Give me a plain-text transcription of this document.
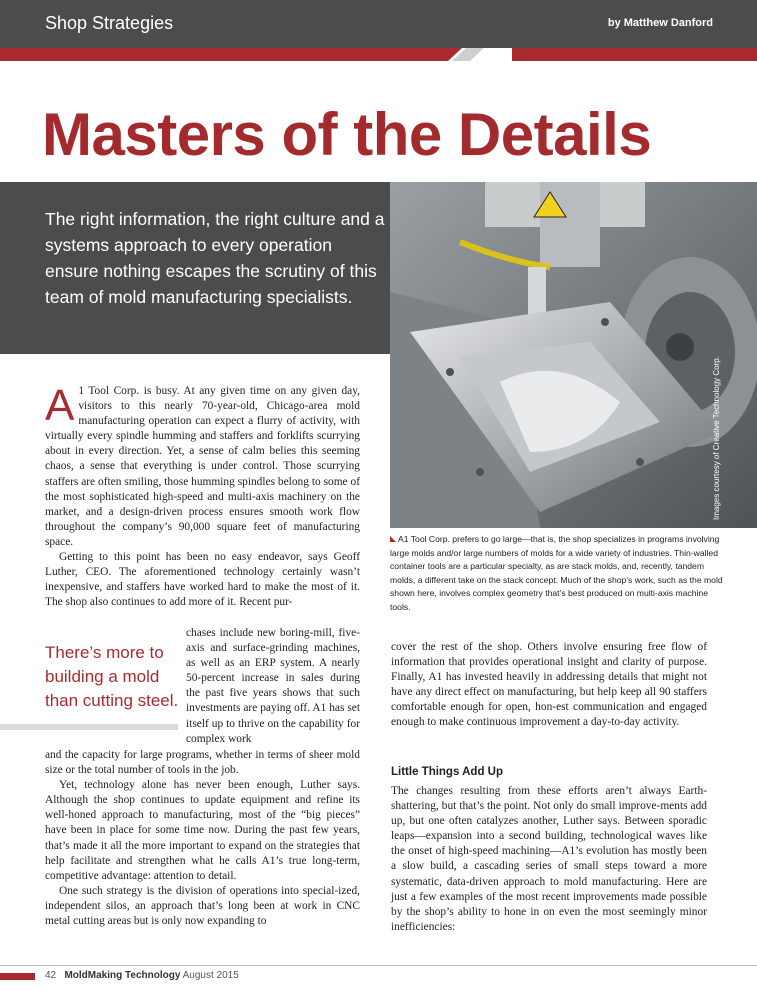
Shop Strategies	by Matthew Danford
Masters of the Details
The right information, the right culture and a systems approach to every operation ensure nothing escapes the scrutiny of this team of mold manufacturing specialists.
Images courtesy of Creative Technology Corp.
A1 Tool Corp. prefers to go large—that is, the shop specializes in programs involving large molds and/or large numbers of molds for a wide variety of industries. Thin-walled container tools are a particular specialty, as are stack molds, and, recently, tandem molds, a different take on the stack concept. Much of the shop’s work, such as the mold shown here, involves complex geometry that’s best produced on multi-axis machine tools.
A 1 Tool Corp. is busy. At any given time on any given day, visitors to this nearly 70-year-old, Chicago-area mold manufacturing operation can expect a flurry of activity, with virtually every spindle humming and staffers and forklifts scurrying about in every direction. Yet, a sense of calm belies this seeming chaos, a sense that everything is under control. Those scurrying staffers are often smiling, those humming spindles belong to some of the most sophisticated high-speed and multi-axis machinery on the market, and a design-driven process ensures smooth work flow throughout the company’s 90,000 square feet of manufacturing space.

Getting to this point has been no easy endeavor, says Geoff Luther, CEO. The aforementioned technology certainly wasn’t inexpensive, and staffers have worked hard to make the most of it. The shop also continues to add more of it. Recent pur-

There’s more to building a mold than cutting steel.

chases include new boring-mill, five-axis and surface-grinding machines, as well as an ERP system. A nearly 50-percent increase in sales during the past five years shows that such investments are paying off. A1 has set itself up to thrive on the capability for complex work

and the capacity for large programs, whether in terms of sheer mold size or the total number of tools in the job.

Yet, technology alone has never been enough, Luther says. Although the shop continues to update equipment and refine its well-honed approach to manufacturing, most of the “big pieces” have been in place for some time now. During the past few years, that’s made it all the more important to expand on the strategies that help facilitate and strengthen what he calls A1’s true long-term, competitive advantage: attention to detail.

One such strategy is the division of operations into special-ized, independent silos, an approach that’s long been at work in CNC metal cutting areas but is only now expanding to

cover the rest of the shop. Others involve ensuring free flow of information that provides operational insight and clarity of purpose. Finally, A1 has invested heavily in addressing details that might not have any direct effect on manufacturing, but help keep all 90 staffers comfortable enough for open, hon-est communication and engaged enough to make continuous improvement a day-to-day activity.

Little Things Add Up

The changes resulting from these efforts aren’t always Earth-shattering, but that’s the point. Not only do small improve-ments add up, but one often catalyzes another, Luther says. Between sporadic leaps—expansion into a second building, technological waves like the onset of high-speed machining—A1’s evolution has mostly been a slow build, a cascading series of small steps toward a more systematic, data-driven approach to mold manufacturing. Here are just a few examples of the most recent improvements made possible by the shop’s ability to hone in on even the most seemingly minor inefficiencies:

42 MoldMaking Technology August 2015
